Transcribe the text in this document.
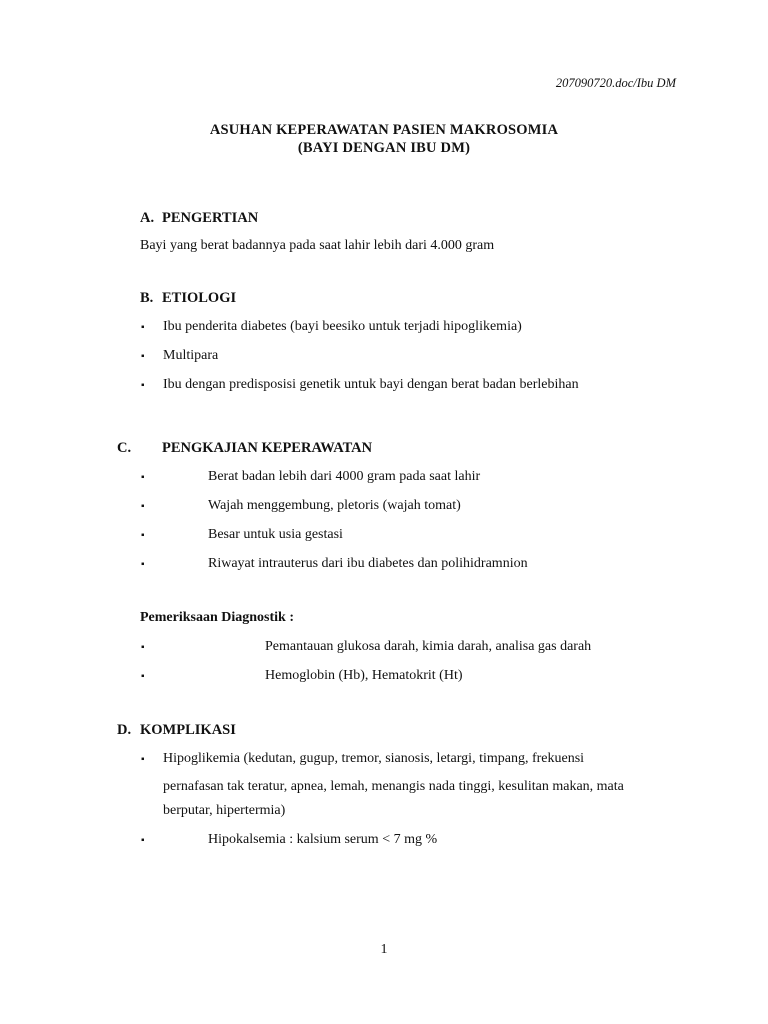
207090720.doc/Ibu DM
ASUHAN KEPERAWATAN PASIEN MAKROSOMIA
(BAYI DENGAN IBU DM)
A. PENGERTIAN
Bayi yang berat badannya pada saat lahir lebih dari 4.000 gram
B. ETIOLOGI
▪ Ibu penderita diabetes (bayi beesiko untuk terjadi hipoglikemia)
▪ Multipara
▪ Ibu dengan predisposisi genetik untuk bayi dengan berat badan berlebihan
C. PENGKAJIAN KEPERAWATAN
▪	Berat badan lebih dari 4000 gram pada saat lahir
▪	Wajah menggembung, pletoris (wajah tomat)
▪	Besar untuk usia gestasi
▪	Riwayat intrauterus dari ibu diabetes dan polihidramnion
Pemeriksaan Diagnostik :
▪	Pemantauan glukosa darah, kimia darah, analisa gas darah
▪	Hemoglobin (Hb), Hematokrit (Ht)
D. KOMPLIKASI
▪ Hipoglikemia (kedutan, gugup, tremor, sianosis, letargi, timpang, frekuensi
pernafasan tak teratur, apnea, lemah, menangis nada tinggi, kesulitan makan, mata
berputar, hipertermia)
▪	Hipokalsemia : kalsium serum < 7 mg %
1
